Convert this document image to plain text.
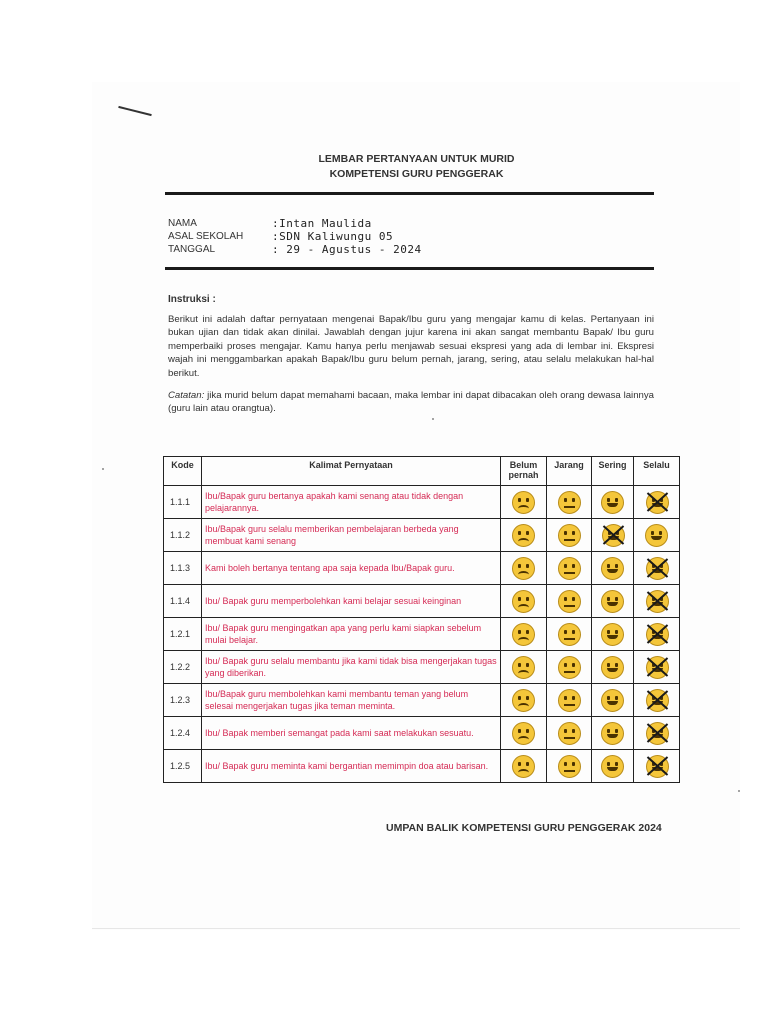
LEMBAR PERTANYAAN UNTUK MURID
KOMPETENSI GURU PENGGERAK
NAMA	:Intan Maulida
ASAL SEKOLAH	:SDN Kaliwungu 05
TANGGAL	: 29 - Agustus - 2024
Instruksi :
Berikut ini adalah daftar pernyataan mengenai Bapak/Ibu guru yang mengajar kamu di kelas. Pertanyaan ini bukan ujian dan tidak akan dinilai. Jawablah dengan jujur karena ini akan sangat membantu Bapak/ Ibu guru memperbaiki proses mengajar. Kamu hanya perlu menjawab sesuai ekspresi yang ada di lembar ini. Ekspresi wajah ini menggambarkan apakah Bapak/Ibu guru belum pernah, jarang, sering, atau selalu melakukan hal-hal berikut.
Catatan: jika murid belum dapat memahami bacaan, maka lembar ini dapat dibacakan oleh orang dewasa lainnya (guru lain atau orangtua).
Kode	Kalimat Pernyataan	Belum pernah	Jarang	Sering	Selalu
1.1.1	Ibu/Bapak guru bertanya apakah kami senang atau tidak dengan pelajarannya.	

1.1.2	Ibu/Bapak guru selalu memberikan pembelajaran berbeda yang membuat kami senang	

1.1.3	Kami boleh bertanya tentang apa saja kepada Ibu/Bapak guru.	

1.1.4	Ibu/ Bapak guru memperbolehkan kami belajar sesuai keinginan	

1.2.1	Ibu/ Bapak guru mengingatkan apa yang perlu kami siapkan sebelum mulai belajar.	

1.2.2	Ibu/ Bapak guru selalu membantu jika kami tidak bisa mengerjakan tugas yang diberikan.	

1.2.3	Ibu/Bapak guru membolehkan kami membantu teman yang belum selesai mengerjakan tugas jika teman meminta.	

1.2.4	Ibu/ Bapak memberi semangat pada kami saat melakukan sesuatu.	

1.2.5	Ibu/ Bapak guru meminta kami bergantian memimpin doa atau barisan.	

UMPAN BALIK KOMPETENSI GURU PENGGERAK 2024
